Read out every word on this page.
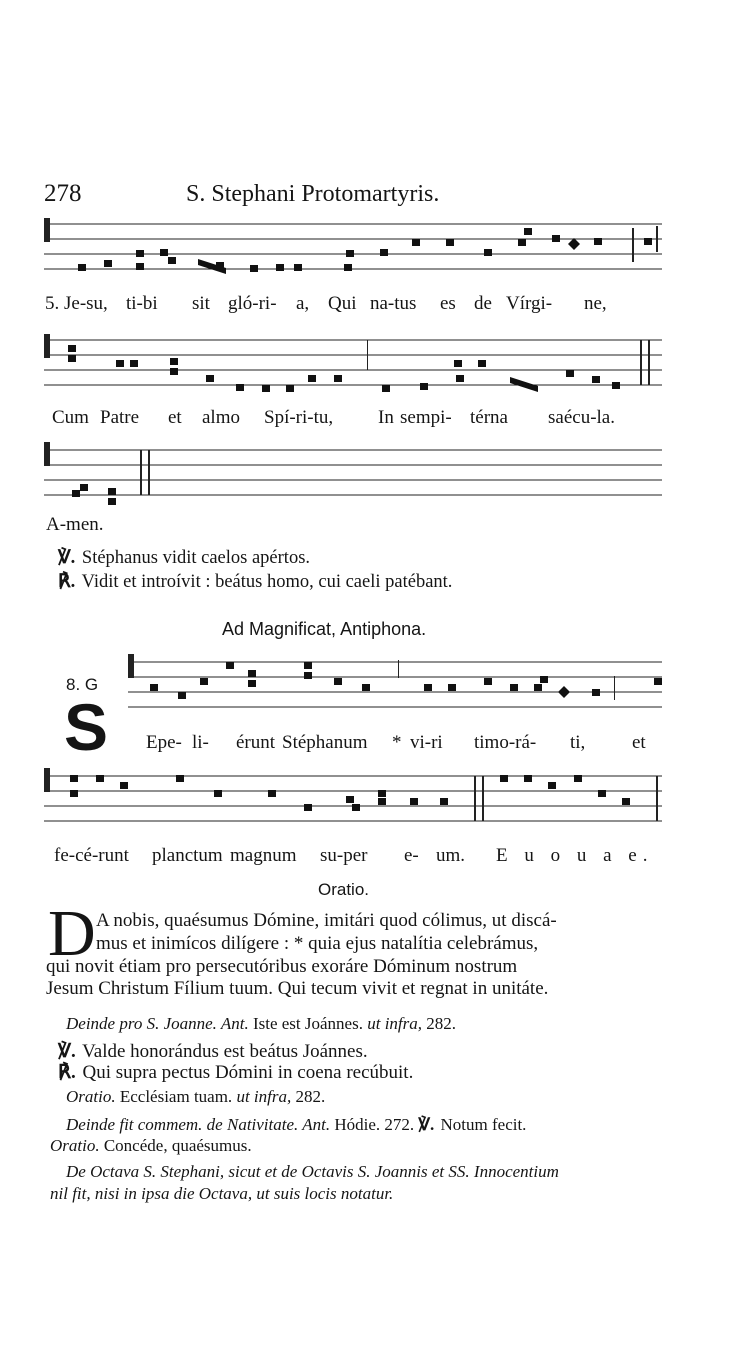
278	S. Stephani Protomartyris.
5. Je-su, ti-bi sit gló-ri- a, Qui na-tus es de Vírgi- ne,
Cum Patre et almo Spí-ri-tu, In sempi- térna saécu-la.
A-men.
℣. Stéphanus vidit caelos apértos.
℟. Vidit et introívit : beátus homo, cui caeli patébant.
Ad Magnificat, Antiphona.
8. G
S Epe- li- érunt Stéphanum * vi-ri timo-rá- ti, et
fe-cé-runt planctum magnum su-per e- um. E u o u a e.
Oratio.
D A nobis, quaésumus Dómine, imitári quod cólimus, ut discá-
mus et inimícos dilígere : * quia ejus natalítia celebrámus,
qui novit étiam pro persecutóribus exoráre Dóminum nostrum
Jesum Christum Fílium tuum. Qui tecum vivit et regnat in unitáte.
Deinde pro S. Joanne. Ant. Iste est Joánnes. ut infra, 282.
℣. Valde honorándus est beátus Joánnes.
℟. Qui supra pectus Dómini in coena recúbuit.
Oratio. Ecclésiam tuam. ut infra, 282.
Deinde fit commem. de Nativitate. Ant. Hódie. 272. ℣. Notum fecit.
Oratio. Concéde, quaésumus.
De Octava S. Stephani, sicut et de Octavis S. Joannis et SS. Innocentium
nil fit, nisi in ipsa die Octava, ut suis locis notatur.
